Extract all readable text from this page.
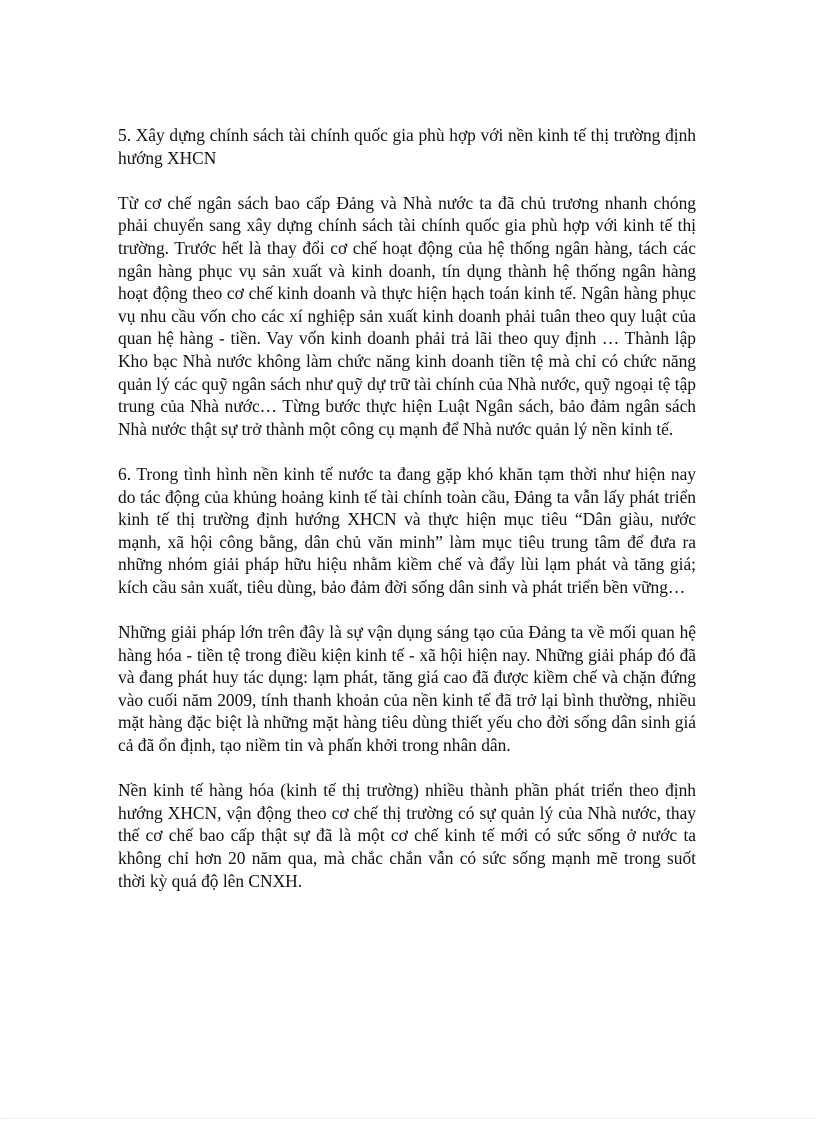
5. Xây dựng chính sách tài chính quốc gia phù hợp với nền kinh tế thị trường định hướng XHCN

Từ cơ chế ngân sách bao cấp Đảng và Nhà nước ta đã chủ trương nhanh chóng phải chuyển sang xây dựng chính sách tài chính quốc gia phù hợp với kinh tế thị trường. Trước hết là thay đổi cơ chế hoạt động của hệ thống ngân hàng, tách các ngân hàng phục vụ sản xuất và kinh doanh, tín dụng thành hệ thống ngân hàng hoạt động theo cơ chế kinh doanh và thực hiện hạch toán kinh tế. Ngân hàng phục vụ nhu cầu vốn cho các xí nghiệp sản xuất kinh doanh phải tuân theo quy luật của quan hệ hàng - tiền. Vay vốn kinh doanh phải trả lãi theo quy định … Thành lập Kho bạc Nhà nước không làm chức năng kinh doanh tiền tệ mà chỉ có chức năng quản lý các quỹ ngân sách như quỹ dự trữ tài chính của Nhà nước, quỹ ngoại tệ tập trung của Nhà nước… Từng bước thực hiện Luật Ngân sách, bảo đảm ngân sách Nhà nước thật sự trở thành một công cụ mạnh để Nhà nước quản lý nền kinh tế.

6. Trong tình hình nền kinh tế nước ta đang gặp khó khăn tạm thời như hiện nay do tác động của khủng hoảng kinh tế tài chính toàn cầu, Đảng ta vẫn lấy phát triển kinh tế thị trường định hướng XHCN và thực hiện mục tiêu “Dân giàu, nước mạnh, xã hội công bằng, dân chủ văn minh” làm mục tiêu trung tâm để đưa ra những nhóm giải pháp hữu hiệu nhằm kiềm chế và đẩy lùi lạm phát và tăng giá; kích cầu sản xuất, tiêu dùng, bảo đảm đời sống dân sinh và phát triển bền vững…

Những giải pháp lớn trên đây là sự vận dụng sáng tạo của Đảng ta về mối quan hệ hàng hóa - tiền tệ trong điều kiện kinh tế - xã hội hiện nay. Những giải pháp đó đã và đang phát huy tác dụng: lạm phát, tăng giá cao đã được kiềm chế và chặn đứng vào cuối năm 2009, tính thanh khoản của nền kinh tế đã trở lại bình thường, nhiều mặt hàng đặc biệt là những mặt hàng tiêu dùng thiết yếu cho đời sống dân sinh giá cả đã ổn định, tạo niềm tin và phấn khởi trong nhân dân.

Nền kinh tế hàng hóa (kinh tế thị trường) nhiều thành phần phát triển theo định hướng XHCN, vận động theo cơ chế thị trường có sự quản lý của Nhà nước, thay thế cơ chế bao cấp thật sự đã là một cơ chế kinh tế mới có sức sống ở nước ta không chỉ hơn 20 năm qua, mà chắc chắn vẫn có sức sống mạnh mẽ trong suốt thời kỳ quá độ lên CNXH.
